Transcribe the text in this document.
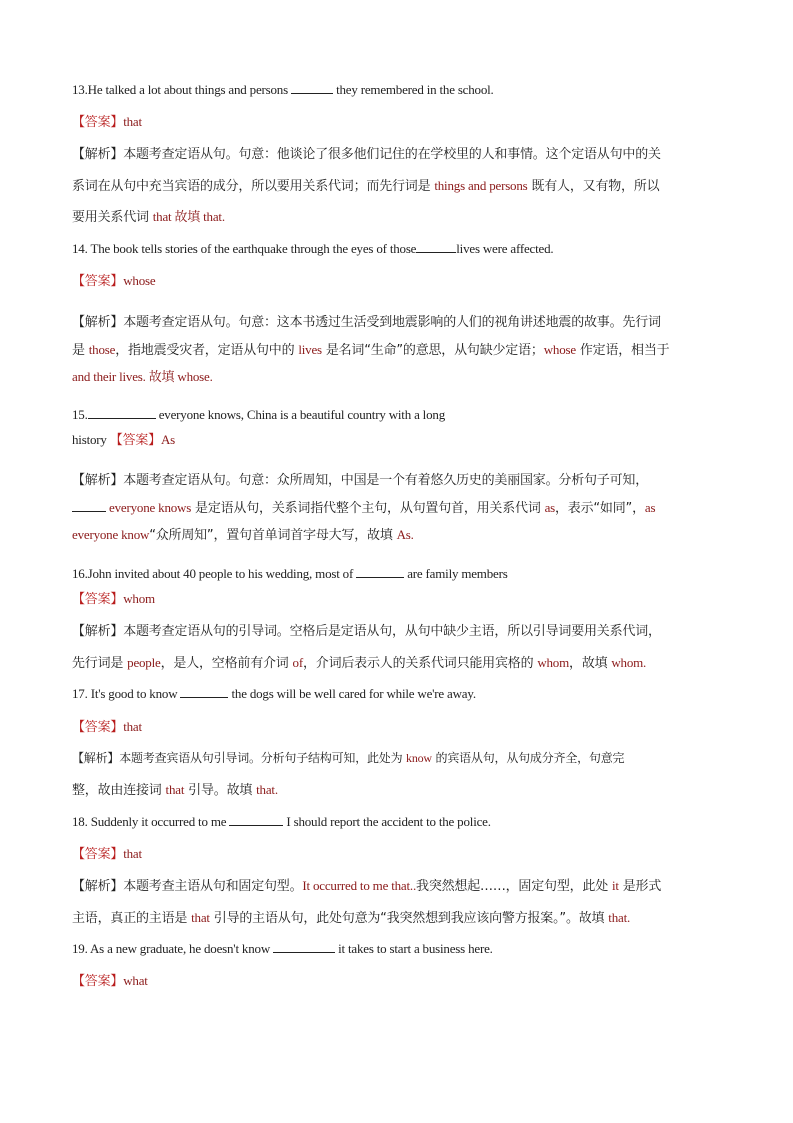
13.He talked a lot about things and persons	they remembered in the school.
【答案】that
【解析】本题考查定语从句。句意：他谈论了很多他们记住的在学校里的人和事情。这个定语从句中的关
系词在从句中充当宾语的成分，所以要用关系代词；而先行词是 things and persons 既有人，又有物，所以
要用关系代词 that 故填 that.
14. The book tells stories of the earthquake through the eyes of those	lives were affected.
【答案】whose
【解析】本题考查定语从句。句意：这本书透过生活受到地震影响的人们的视角讲述地震的故事。先行词
是 those，指地震受灾者，定语从句中的 lives 是名词“生命”的意思，从句缺少定语；whose 作定语，相当于
and their lives. 故填 whose.
15.	everyone knows, China is a beautiful country with a long
history 【答案】As
【解析】本题考查定语从句。句意：众所周知，中国是一个有着悠久历史的美丽国家。分析句子可知，
everyone knows 是定语从句，关系词指代整个主句，从句置句首，用关系代词 as，表示“如同”，as
everyone know“众所周知”，置句首单词首字母大写，故填 As.
16.John invited about 40 people to his wedding, most of	are family members
【答案】whom
【解析】本题考查定语从句的引导词。空格后是定语从句，从句中缺少主语，所以引导词要用关系代词，
先行词是 people，是人，空格前有介词 of，介词后表示人的关系代词只能用宾格的 whom，故填 whom.
17. It's good to know	the dogs will be well cared for while we're away.
【答案】that
【解析】本题考查宾语从句引导词。分析句子结构可知，此处为 know 的宾语从句，从句成分齐全，句意完
整，故由连接词 that 引导。故填 that.
18. Suddenly it occurred to me	I should report the accident to the police.
【答案】that
【解析】本题考查主语从句和固定句型。It occurred to me that..我突然想起……，固定句型，此处 it 是形式
主语，真正的主语是 that 引导的主语从句，此处句意为“我突然想到我应该向警方报案。”。故填 that.
19. As a new graduate, he doesn't know	it takes to start a business here.
【答案】what
